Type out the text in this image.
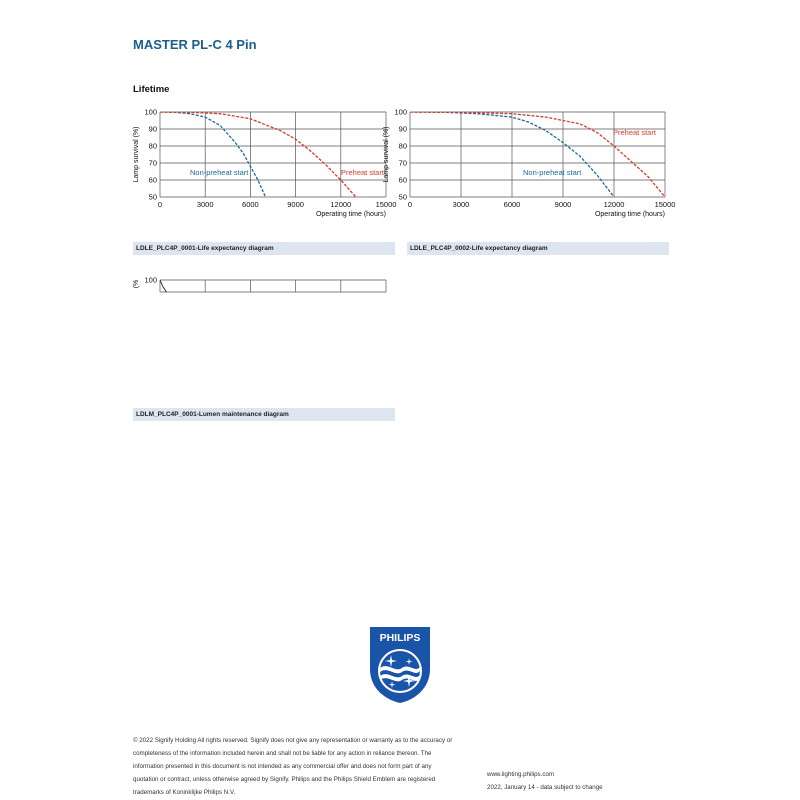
MASTER PL-C 4 Pin
Lifetime
50
60
70
80
90
100
0	3000	6000	9000	12000	15000
Lamp survival (%)
Operating time (hours)
Non-preheat start	Preheat start
LDLE_PLC4P_0001-Life expectancy diagram
50
60
70
80
90
100
0	3000	6000	9000	12000	15000
Lamp survival (%)
Operating time (hours)
Non-preheat start
Preheat start
LDLE_PLC4P_0002-Life expectancy diagram
100
(%
LDLM_PLC4P_0001-Lumen maintenance diagram
PHILIPS
© 2022 Signify Holding All rights reserved. Signify does not give any representation or warranty as to the accuracy or
completeness of the information included herein and shall not be liable for any action in reliance thereon. The
information presented in this document is not intended as any commercial offer and does not form part of any
quotation or contract, unless otherwise agreed by Signify. Philips and the Philips Shield Emblem are registered
trademarks of Koninklijke Philips N.V.
www.lighting.philips.com
2022, January 14 - data subject to change
